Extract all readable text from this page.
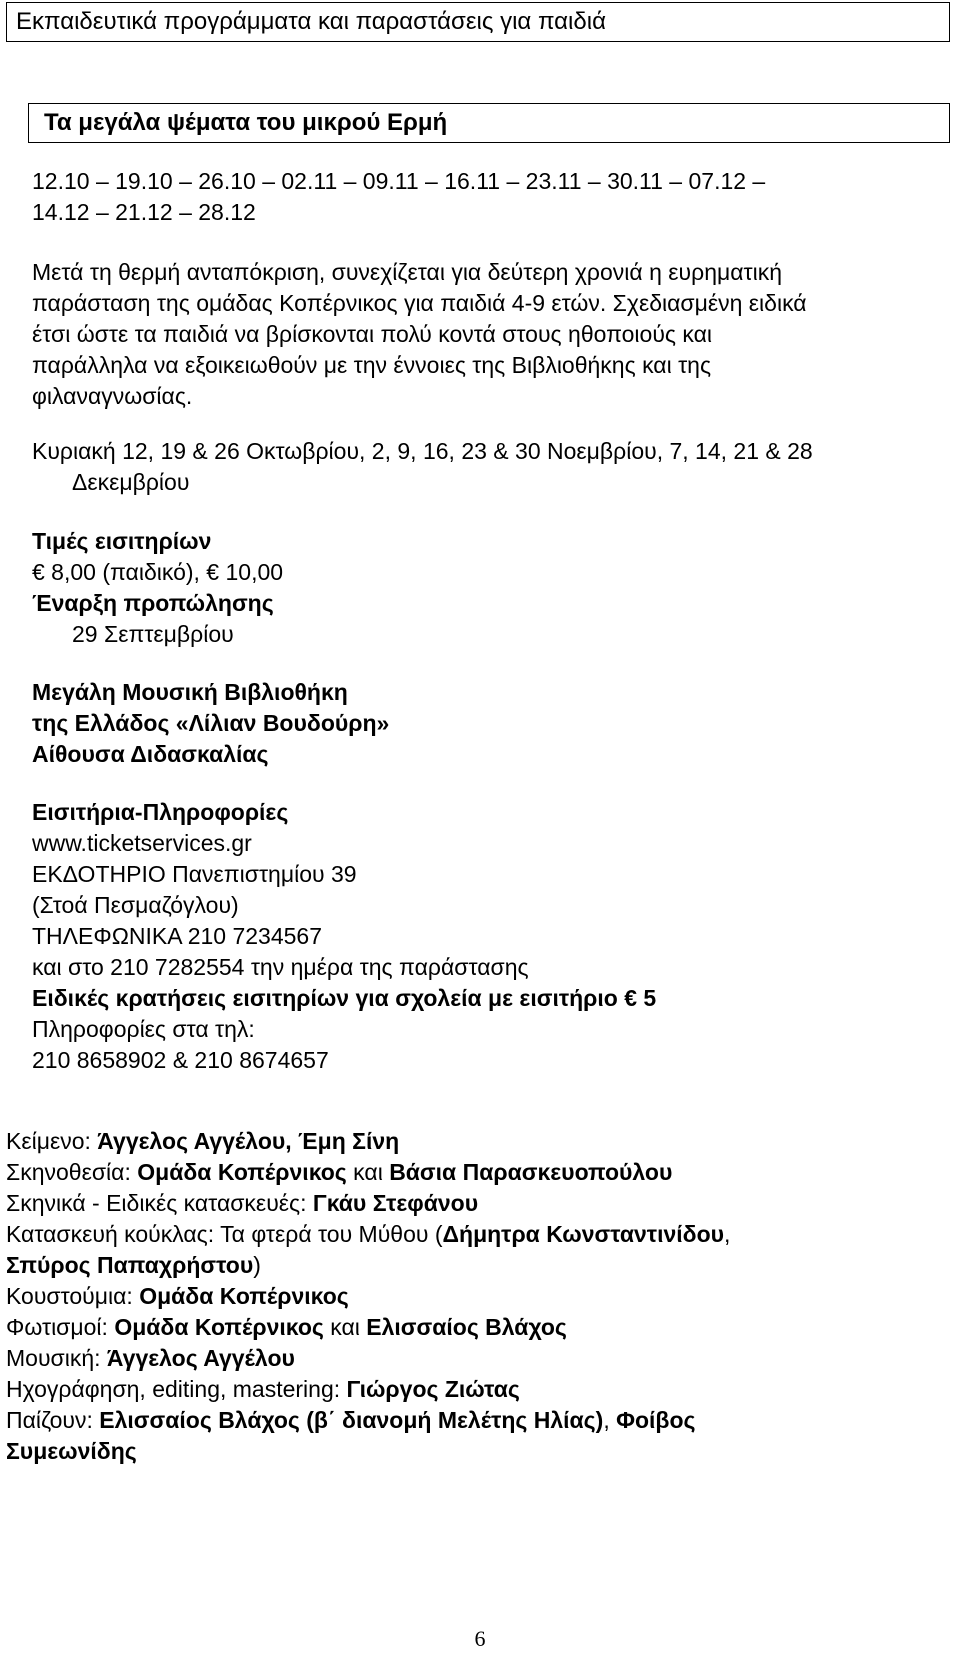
Εκπαιδευτικά προγράμματα και παραστάσεις για παιδιά
Τα μεγάλα ψέματα του μικρού Ερμή
12.10 – 19.10 – 26.10 – 02.11 – 09.11 – 16.11 – 23.11 – 30.11 – 07.12 –
14.12 – 21.12 – 28.12
Μετά τη θερμή ανταπόκριση, συνεχίζεται για δεύτερη χρονιά η ευρηματική
παράσταση της ομάδας Κοπέρνικος για παιδιά 4-9 ετών. Σχεδιασμένη ειδικά
έτσι ώστε τα παιδιά να βρίσκονται πολύ κοντά στους ηθοποιούς και
παράλληλα να εξοικειωθούν με την έννοιες της Βιβλιοθήκης και της
φιλαναγνωσίας.
Κυριακή 12, 19 & 26 Οκτωβρίου, 2, 9, 16, 23 & 30 Νοεμβρίου, 7, 14, 21 & 28
Δεκεμβρίου
Τιμές εισιτηρίων
€ 8,00 (παιδικό), € 10,00
Έναρξη προπώλησης
29 Σεπτεμβρίου
Μεγάλη Μουσική Βιβλιοθήκη
της Ελλάδος «Λίλιαν Βουδούρη»
Αίθουσα Διδασκαλίας
Εισιτήρια-Πληροφορίες
www.ticketservices.gr
ΕΚΔΟΤΗΡΙΟ Πανεπιστημίου 39
(Στοά Πεσμαζόγλου)
ΤΗΛΕΦΩΝΙΚΑ 210 7234567
και στο 210 7282554 την ημέρα της παράστασης
Ειδικές κρατήσεις εισιτηρίων για σχολεία με εισιτήριο € 5
Πληροφορίες στα τηλ:
210 8658902 & 210 8674657
Κείμενο: Άγγελος Αγγέλου, Έμη Σίνη
Σκηνοθεσία: Ομάδα Κοπέρνικος και Βάσια Παρασκευοπούλου
Σκηνικά - Ειδικές κατασκευές: Γκάυ Στεφάνου
Κατασκευή κούκλας: Τα φτερά του Μύθου (Δήμητρα Κωνσταντινίδου,
Σπύρος Παπαχρήστου)
Κουστούμια: Ομάδα Κοπέρνικος
Φωτισμοί: Ομάδα Κοπέρνικος και Ελισσαίος Βλάχος
Μουσική: Άγγελος Αγγέλου
Ηχογράφηση, editing, mastering: Γιώργος Ζιώτας
Παίζουν: Ελισσαίος Βλάχος (β΄ διανομή Μελέτης Ηλίας), Φοίβος
Συμεωνίδης
6
